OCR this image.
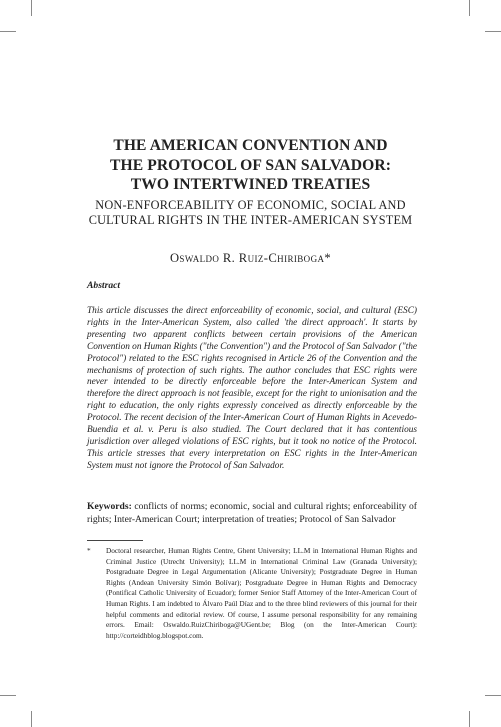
THE AMERICAN CONVENTION AND
THE PROTOCOL OF SAN SALVADOR:
TWO INTERTWINED TREATIES
NON-ENFORCEABILITY OF ECONOMIC, SOCIAL AND
CULTURAL RIGHTS IN THE INTER-AMERICAN SYSTEM
Oswaldo R. Ruiz-Chiriboga*
Abstract
This article discusses the direct enforceability of economic, social, and cultural (ESC) rights in the Inter-American System, also called 'the direct approach'. It starts by presenting two apparent conflicts between certain provisions of the American Convention on Human Rights ("the Convention") and the Protocol of San Salvador ("the Protocol") related to the ESC rights recognised in Article 26 of the Convention and the mechanisms of protection of such rights. The author concludes that ESC rights were never intended to be directly enforceable before the Inter-American System and therefore the direct approach is not feasible, except for the right to unionisation and the right to education, the only rights expressly conceived as directly enforceable by the Protocol. The recent decision of the Inter-American Court of Human Rights in Acevedo-Buendia et al. v. Peru is also studied. The Court declared that it has contentious jurisdiction over alleged violations of ESC rights, but it took no notice of the Protocol. This article stresses that every interpretation on ESC rights in the Inter-American System must not ignore the Protocol of San Salvador.
Keywords: conflicts of norms; economic, social and cultural rights; enforceability of rights; Inter-American Court; interpretation of treaties; Protocol of San Salvador
* Doctoral researcher, Human Rights Centre, Ghent University; LL.M in International Human Rights and Criminal Justice (Utrecht University); LL.M in International Criminal Law (Granada University); Postgraduate Degree in Legal Argumentation (Alicante University); Postgraduate Degree in Human Rights (Andean University Simón Bolívar); Postgraduate Degree in Human Rights and Democracy (Pontifical Catholic University of Ecuador); former Senior Staff Attorney of the Inter-American Court of Human Rights. I am indebted to Álvaro Paúl Díaz and to the three blind reviewers of this journal for their helpful comments and editorial review. Of course, I assume personal responsibility for any remaining errors. Email: Oswaldo.RuizChiriboga@UGent.be; Blog (on the Inter-American Court): http://corteidhblog.blogspot.com.
